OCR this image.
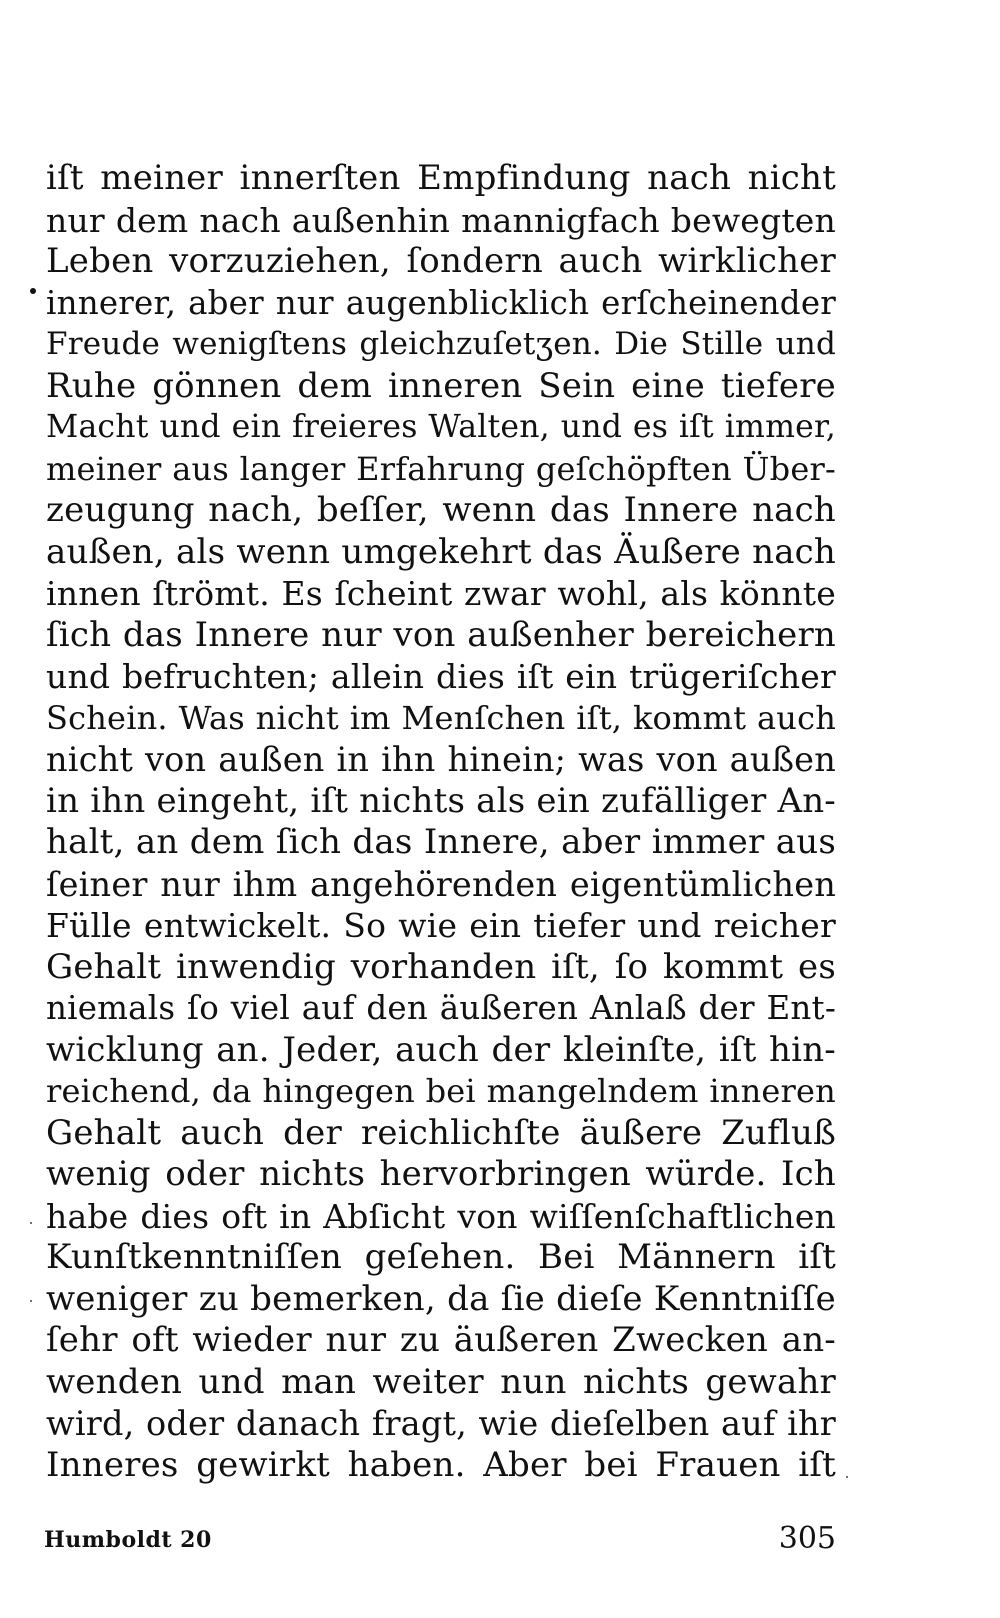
iſt meiner innerſten Empfindung nach nicht
nur dem nach außenhin mannigfach bewegten
Leben vorzuziehen, ſondern auch wirklicher
innerer, aber nur augenblicklich erſcheinender
Freude wenigſtens gleichzuſetʒen. Die Stille und
Ruhe gönnen dem inneren Sein eine tiefere
Macht und ein freieres Walten, und es iſt immer,
meiner aus langer Erfahrung geſchöpften Über-
zeugung nach, beſſer, wenn das Innere nach
außen, als wenn umgekehrt das Äußere nach
innen ſtrömt. Es ſcheint zwar wohl, als könnte
ſich das Innere nur von außenher bereichern
und befruchten; allein dies iſt ein trügeriſcher
Schein. Was nicht im Menſchen iſt, kommt auch
nicht von außen in ihn hinein; was von außen
in ihn eingeht, iſt nichts als ein zufälliger An-
halt, an dem ſich das Innere, aber immer aus
ſeiner nur ihm angehörenden eigentümlichen
Fülle entwickelt. So wie ein tiefer und reicher
Gehalt inwendig vorhanden iſt, ſo kommt es
niemals ſo viel auf den äußeren Anlaß der Ent-
wicklung an. Jeder, auch der kleinſte, iſt hin-
reichend, da hingegen bei mangelndem inneren
Gehalt auch der reichlichſte äußere Zufluß
wenig oder nichts hervorbringen würde. Ich
habe dies oft in Abſicht von wiſſenſchaftlichen
Kunſtkenntniſſen geſehen. Bei Männern iſt
weniger zu bemerken, da ſie dieſe Kenntniſſe
ſehr oft wieder nur zu äußeren Zwecken an-
wenden und man weiter nun nichts gewahr
wird, oder danach fragt, wie dieſelben auf ihr
Inneres gewirkt haben. Aber bei Frauen iſt
Humboldt 20	305
